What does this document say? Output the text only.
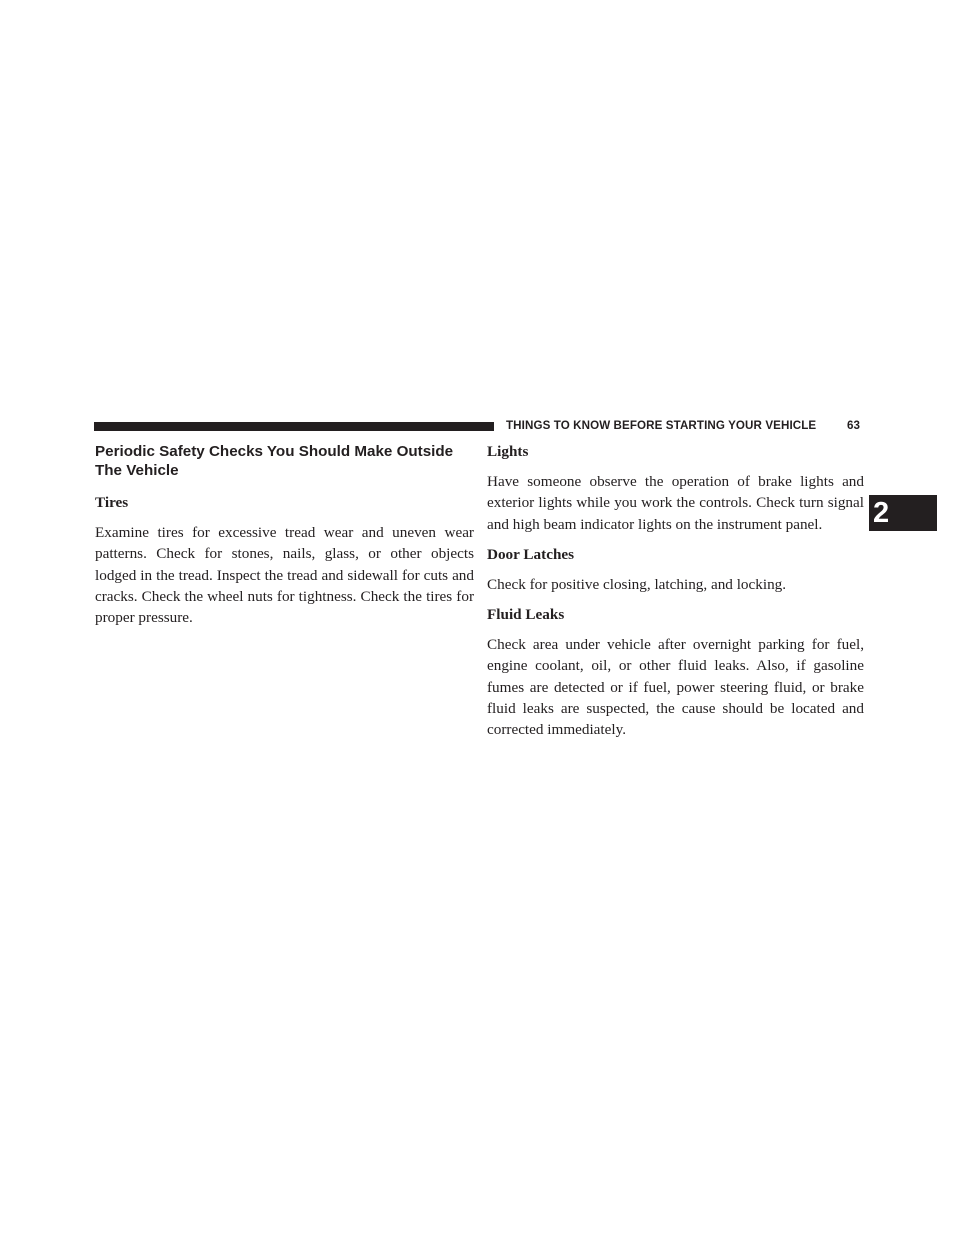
THINGS TO KNOW BEFORE STARTING YOUR VEHICLE	63
2
Periodic Safety Checks You Should Make Outside The Vehicle
Tires

Examine tires for excessive tread wear and uneven wear patterns. Check for stones, nails, glass, or other objects lodged in the tread. Inspect the tread and sidewall for cuts and cracks. Check the wheel nuts for tightness. Check the tires for proper pressure.

Lights

Have someone observe the operation of brake lights and exterior lights while you work the controls. Check turn signal and high beam indicator lights on the instrument panel.

Door Latches

Check for positive closing, latching, and locking.

Fluid Leaks

Check area under vehicle after overnight parking for fuel, engine coolant, oil, or other fluid leaks. Also, if gasoline fumes are detected or if fuel, power steering fluid, or brake fluid leaks are suspected, the cause should be located and corrected immediately.
